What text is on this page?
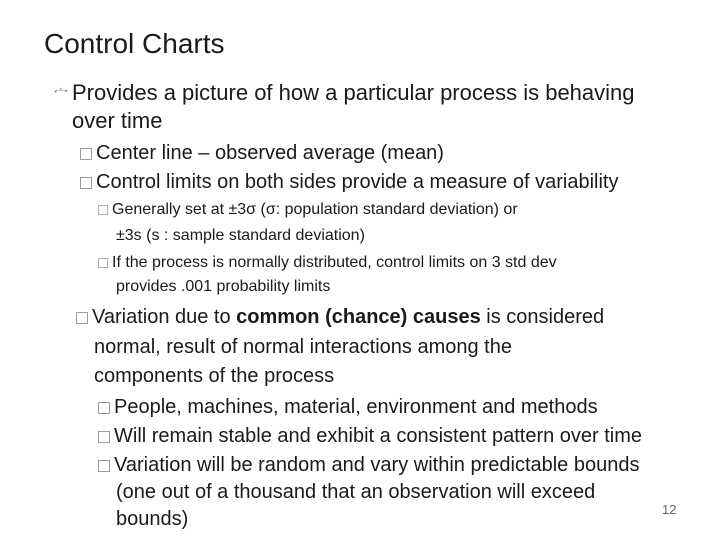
Control Charts
⼧ Provides a picture of how a particular process is behaving
over time
Center line – observed average (mean)
Control limits on both sides provide a measure of variability
Generally set at ±3σ (σ: population standard deviation) or
±3s (s : sample standard deviation)
If the process is normally distributed, control limits on 3 std dev
provides .001 probability limits
Variation due to common (chance) causes is considered
normal, result of normal interactions among the
components of the process
People, machines, material, environment and methods
Will remain stable and exhibit a consistent pattern over time
Variation will be random and vary within predictable bounds
(one out of a thousand that an observation will exceed
bounds)	12
